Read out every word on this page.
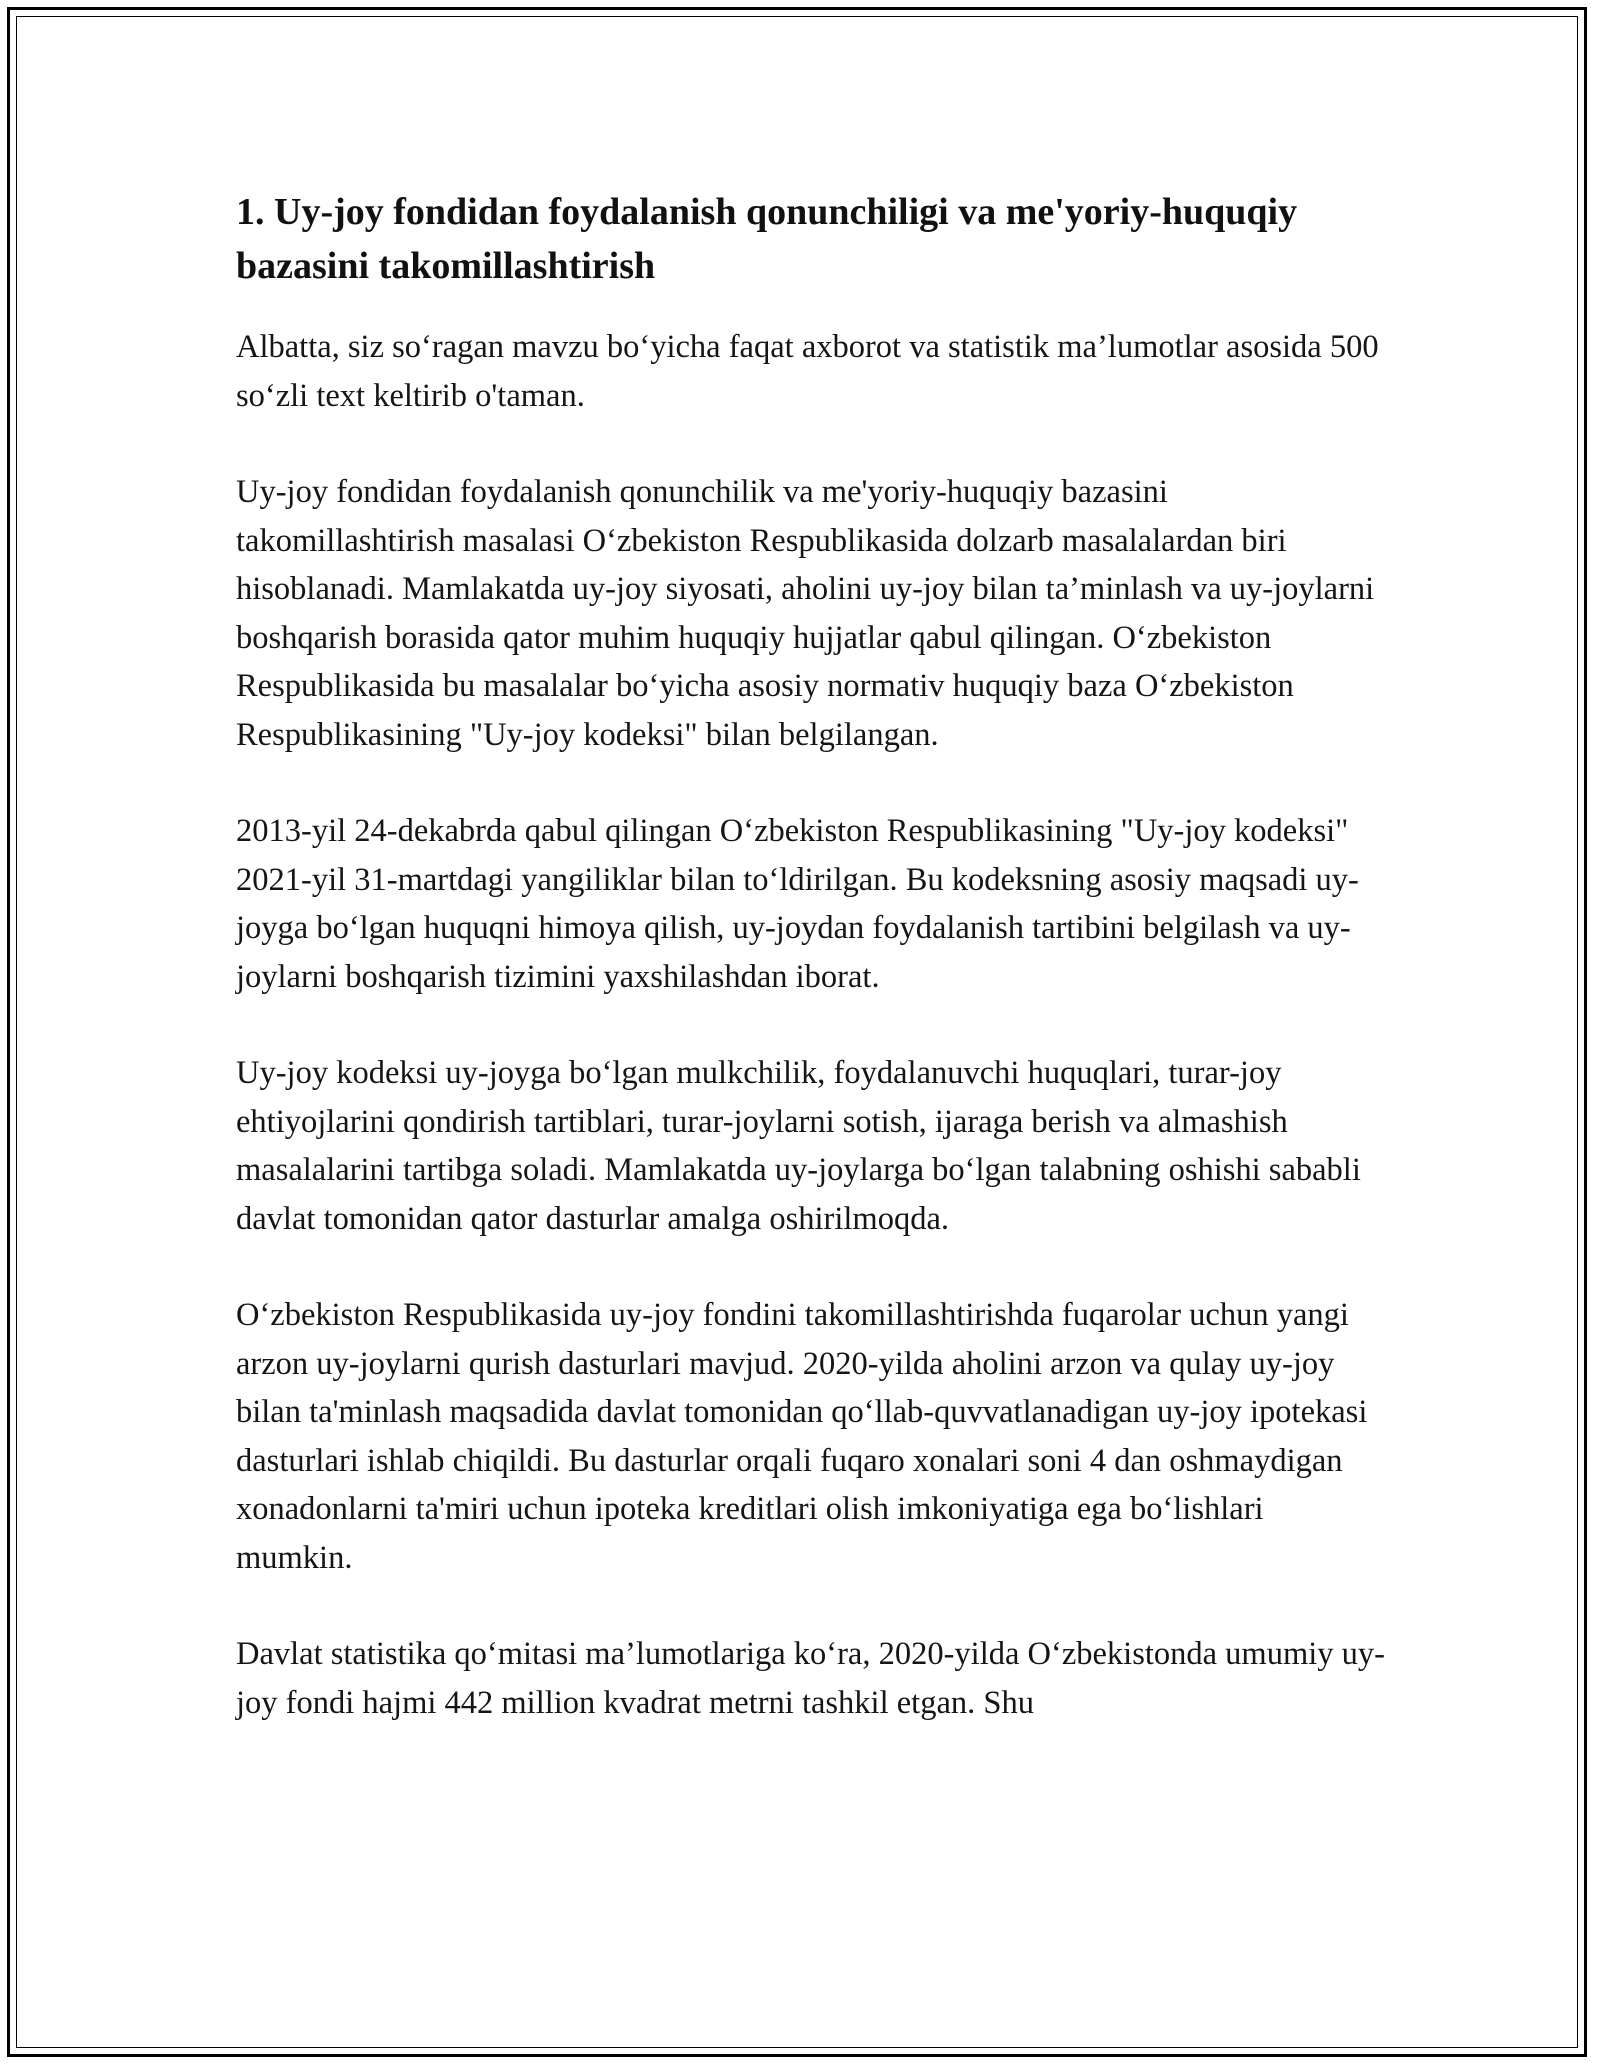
1. Uy-joy fondidan foydalanish qonunchiligi va me'yoriy-huquqiy bazasini takomillashtirish

Albatta, siz so‘ragan mavzu bo‘yicha faqat axborot va statistik ma’lumotlar asosida 500 so‘zli text keltirib o'taman.

Uy-joy fondidan foydalanish qonunchilik va me'yoriy-huquqiy bazasini takomillashtirish masalasi O‘zbekiston Respublikasida dolzarb masalalardan biri hisoblanadi. Mamlakatda uy-joy siyosati, aholini uy-joy bilan ta’minlash va uy-joylarni boshqarish borasida qator muhim huquqiy hujjatlar qabul qilingan. O‘zbekiston Respublikasida bu masalalar bo‘yicha asosiy normativ huquqiy baza O‘zbekiston Respublikasining "Uy-joy kodeksi" bilan belgilangan.

2013-yil 24-dekabrda qabul qilingan O‘zbekiston Respublikasining "Uy-joy kodeksi" 2021-yil 31-martdagi yangiliklar bilan to‘ldirilgan. Bu kodeksning asosiy maqsadi uy-joyga bo‘lgan huquqni himoya qilish, uy-joydan foydalanish tartibini belgilash va uy-joylarni boshqarish tizimini yaxshilashdan iborat.

Uy-joy kodeksi uy-joyga bo‘lgan mulkchilik, foydalanuvchi huquqlari, turar-joy ehtiyojlarini qondirish tartiblari, turar-joylarni sotish, ijaraga berish va almashish masalalarini tartibga soladi. Mamlakatda uy-joylarga bo‘lgan talabning oshishi sababli davlat tomonidan qator dasturlar amalga oshirilmoqda.

O‘zbekiston Respublikasida uy-joy fondini takomillashtirishda fuqarolar uchun yangi arzon uy-joylarni qurish dasturlari mavjud. 2020-yilda aholini arzon va qulay uy-joy bilan ta'minlash maqsadida davlat tomonidan qo‘llab-quvvatlanadigan uy-joy ipotekasi dasturlari ishlab chiqildi. Bu dasturlar orqali fuqaro xonalari soni 4 dan oshmaydigan xonadonlarni ta'miri uchun ipoteka kreditlari olish imkoniyatiga ega bo‘lishlari mumkin.

Davlat statistika qo‘mitasi ma’lumotlariga ko‘ra, 2020-yilda O‘zbekistonda umumiy uy-joy fondi hajmi 442 million kvadrat metrni tashkil etgan. Shu
